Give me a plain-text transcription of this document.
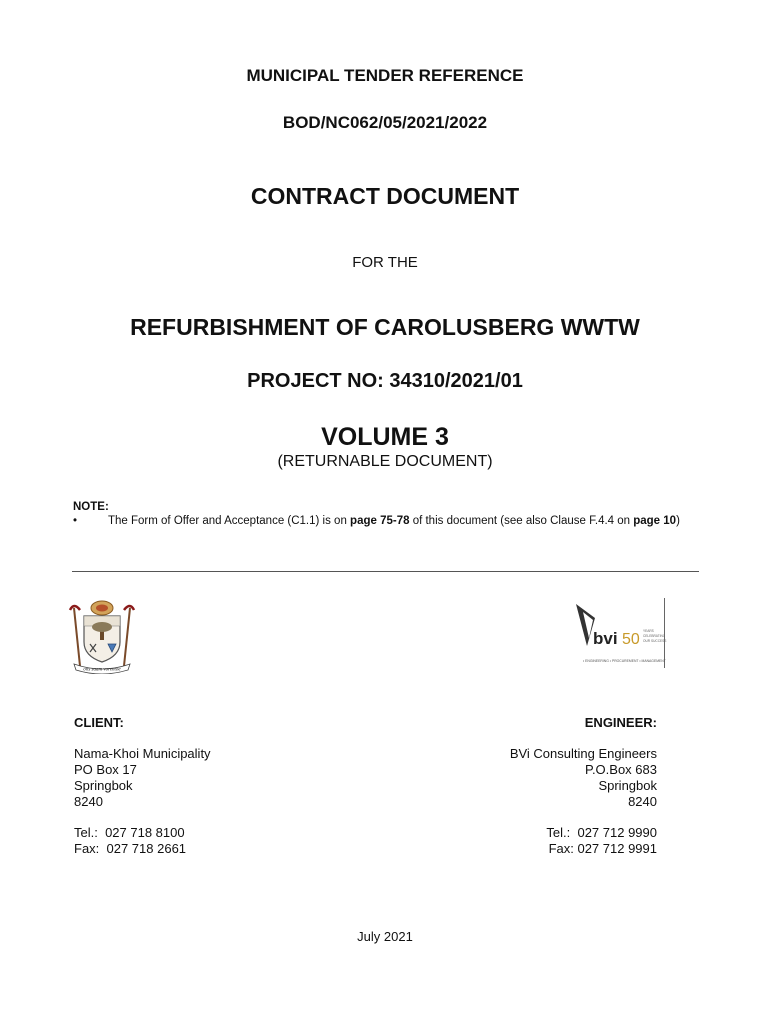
MUNICIPAL TENDER REFERENCE
BOD/NC062/05/2021/2022
CONTRACT DOCUMENT
FOR THE
REFURBISHMENT OF CAROLUSBERG WWTW
PROJECT NO: 34310/2021/01
VOLUME 3
(RETURNABLE DOCUMENT)
NOTE:
•	The Form of Offer and Acceptance (C1.1) is on page 75-78 of this document (see also Clause F.4.4 on page 10)
ons saam vorentoe
bvi 50 YEARS
CELEBRATING
OUR SUCCESS
• ENGINEERING • PROCUREMENT • MANAGEMENT
CLIENT:
Nama-Khoi Municipality
PO Box 17
Springbok
8240
Tel.:  027 718 8100
Fax:  027 718 2661
ENGINEER:
BVi Consulting Engineers
P.O.Box 683
Springbok
8240
Tel.:  027 712 9990
Fax: 027 712 9991
July 2021
